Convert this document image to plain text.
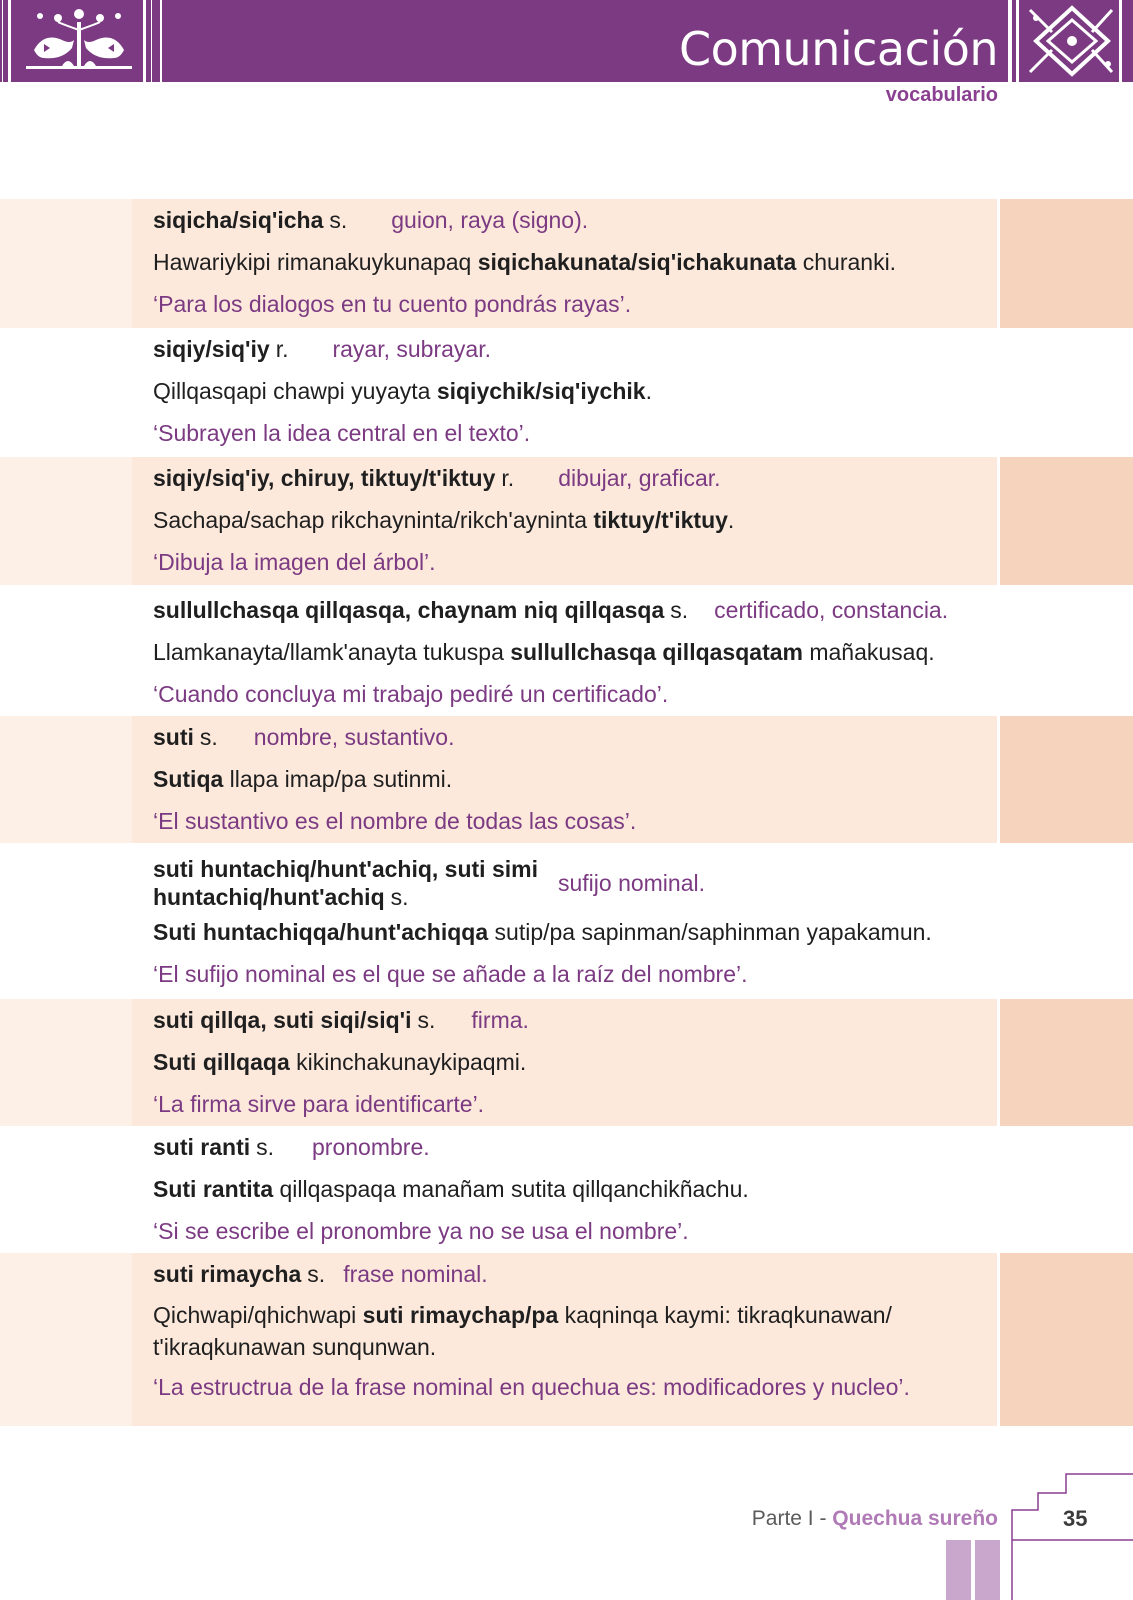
Comunicación
vocabulario
siqicha/siq'icha s. guion, raya (signo).
Hawariykipi rimanakuykunapaq siqichakunata/siq'ichakunata churanki.
‘Para los dialogos en tu cuento pondrás rayas’.
siqiy/siq'iy r. rayar, subrayar.
Qillqasqapi chawpi yuyayta siqiychik/siq'iychik.
‘Subrayen la idea central en el texto’.
siqiy/siq'iy, chiruy, tiktuy/t'iktuy r. dibujar, graficar.
Sachapa/sachap rikchayninta/rikch'ayninta tiktuy/t'iktuy.
‘Dibuja la imagen del árbol’.
sullullchasqa qillqasqa, chaynam niq qillqasqa s. certificado, constancia.
Llamkanayta/llamk'anayta tukuspa sullullchasqa qillqasqatam mañakusaq.
‘Cuando concluya mi trabajo pediré un certificado’.
suti s. nombre, sustantivo.
Sutiqa llapa imap/pa sutinmi.
‘El sustantivo es el nombre de todas las cosas’.
suti huntachiq/hunt'achiq, suti simi
huntachiq/hunt'achiq s.
sufijo nominal.
Suti huntachiqqa/hunt'achiqqa sutip/pa sapinman/saphinman yapakamun.
‘El sufijo nominal es el que se añade a la raíz del nombre’.
suti qillqa, suti siqi/siq'i s. firma.
Suti qillqaqa kikinchakunaykipaqmi.
‘La firma sirve para identificarte’.
suti ranti s. pronombre.
Suti rantita qillqaspaqa manañam sutita qillqanchikñachu.
‘Si se escribe el pronombre ya no se usa el nombre’.
suti rimaycha s. frase nominal.
Qichwapi/qhichwapi suti rimaychap/pa kaqninqa kaymi: tikraqkunawan/
t'ikraqkunawan sunqunwan.
‘La estructrua de la frase nominal en quechua es: modificadores y nucleo’.
Parte I - Quechua sureño	35
